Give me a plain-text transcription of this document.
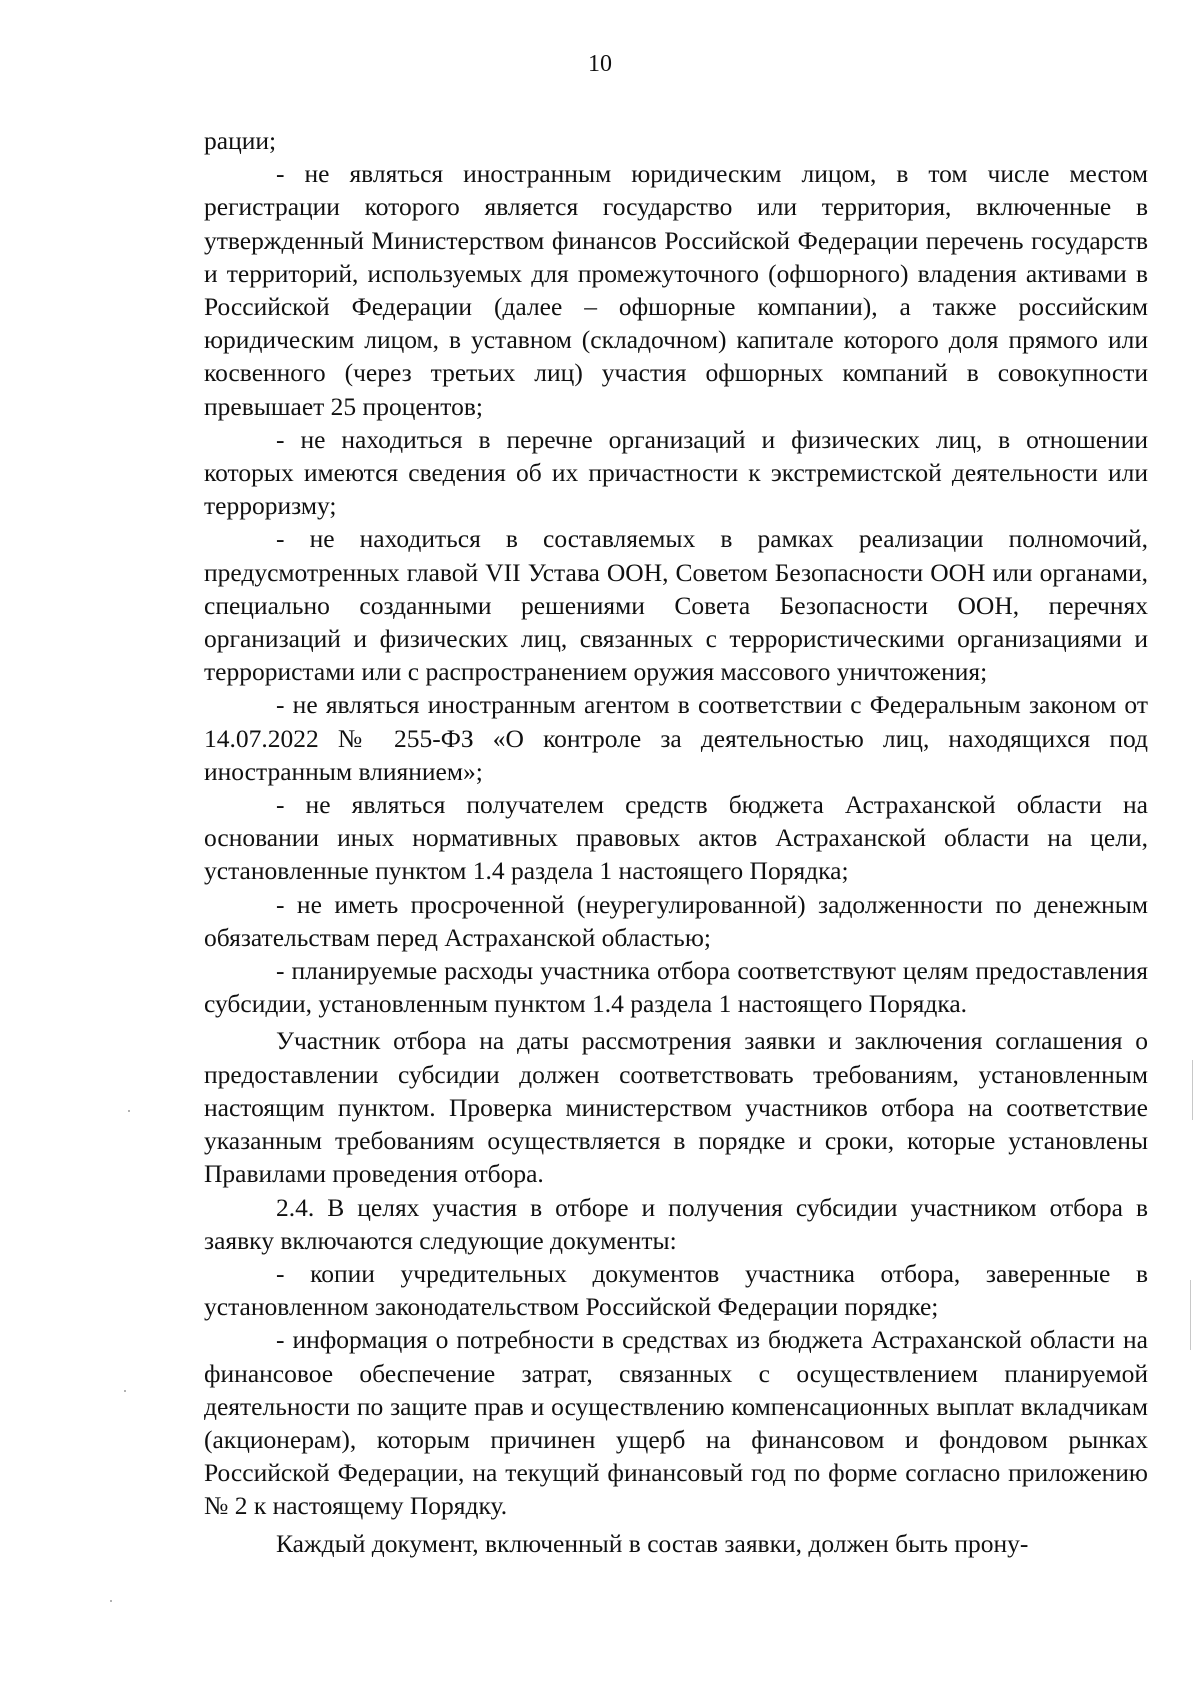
10

рации;

- не являться иностранным юридическим лицом, в том числе местом регистрации которого является государство или территория, включенные в утвержденный Министерством финансов Российской Федерации перечень государств и территорий, используемых для промежуточного (офшорного) владения активами в Российской Федерации (далее – офшорные компании), а также российским юридическим лицом, в уставном (складочном) капитале которого доля прямого или косвенного (через третьих лиц) участия офшорных компаний в совокупности превышает 25 процентов;

- не находиться в перечне организаций и физических лиц, в отношении которых имеются сведения об их причастности к экстремистской деятельности или терроризму;

- не находиться в составляемых в рамках реализации полномочий, предусмотренных главой VII Устава ООН, Советом Безопасности ООН или органами, специально созданными решениями Совета Безопасности ООН, перечнях организаций и физических лиц, связанных с террористическими организациями и террористами или с распространением оружия массового уничтожения;

- не являться иностранным агентом в соответствии с Федеральным законом от 14.07.2022 № 255-ФЗ «О контроле за деятельностью лиц, находящихся под иностранным влиянием»;

- не являться получателем средств бюджета Астраханской области на основании иных нормативных правовых актов Астраханской области на цели, установленные пунктом 1.4 раздела 1 настоящего Порядка;

- не иметь просроченной (неурегулированной) задолженности по денежным обязательствам перед Астраханской областью;

- планируемые расходы участника отбора соответствуют целям предоставления субсидии, установленным пунктом 1.4 раздела 1 настоящего Порядка.

Участник отбора на даты рассмотрения заявки и заключения соглашения о предоставлении субсидии должен соответствовать требованиям, установленным настоящим пунктом. Проверка министерством участников отбора на соответствие указанным требованиям осуществляется в порядке и сроки, которые установлены Правилами проведения отбора.

2.4. В целях участия в отборе и получения субсидии участником отбора в заявку включаются следующие документы:

- копии учредительных документов участника отбора, заверенные в установленном законодательством Российской Федерации порядке;

- информация о потребности в средствах из бюджета Астраханской области на финансовое обеспечение затрат, связанных с осуществлением планируемой деятельности по защите прав и осуществлению компенсационных выплат вкладчикам (акционерам), которым причинен ущерб на финансовом и фондовом рынках Российской Федерации, на текущий финансовый год по форме согласно приложению № 2 к настоящему Порядку.

Каждый документ, включенный в состав заявки, должен быть прону-
